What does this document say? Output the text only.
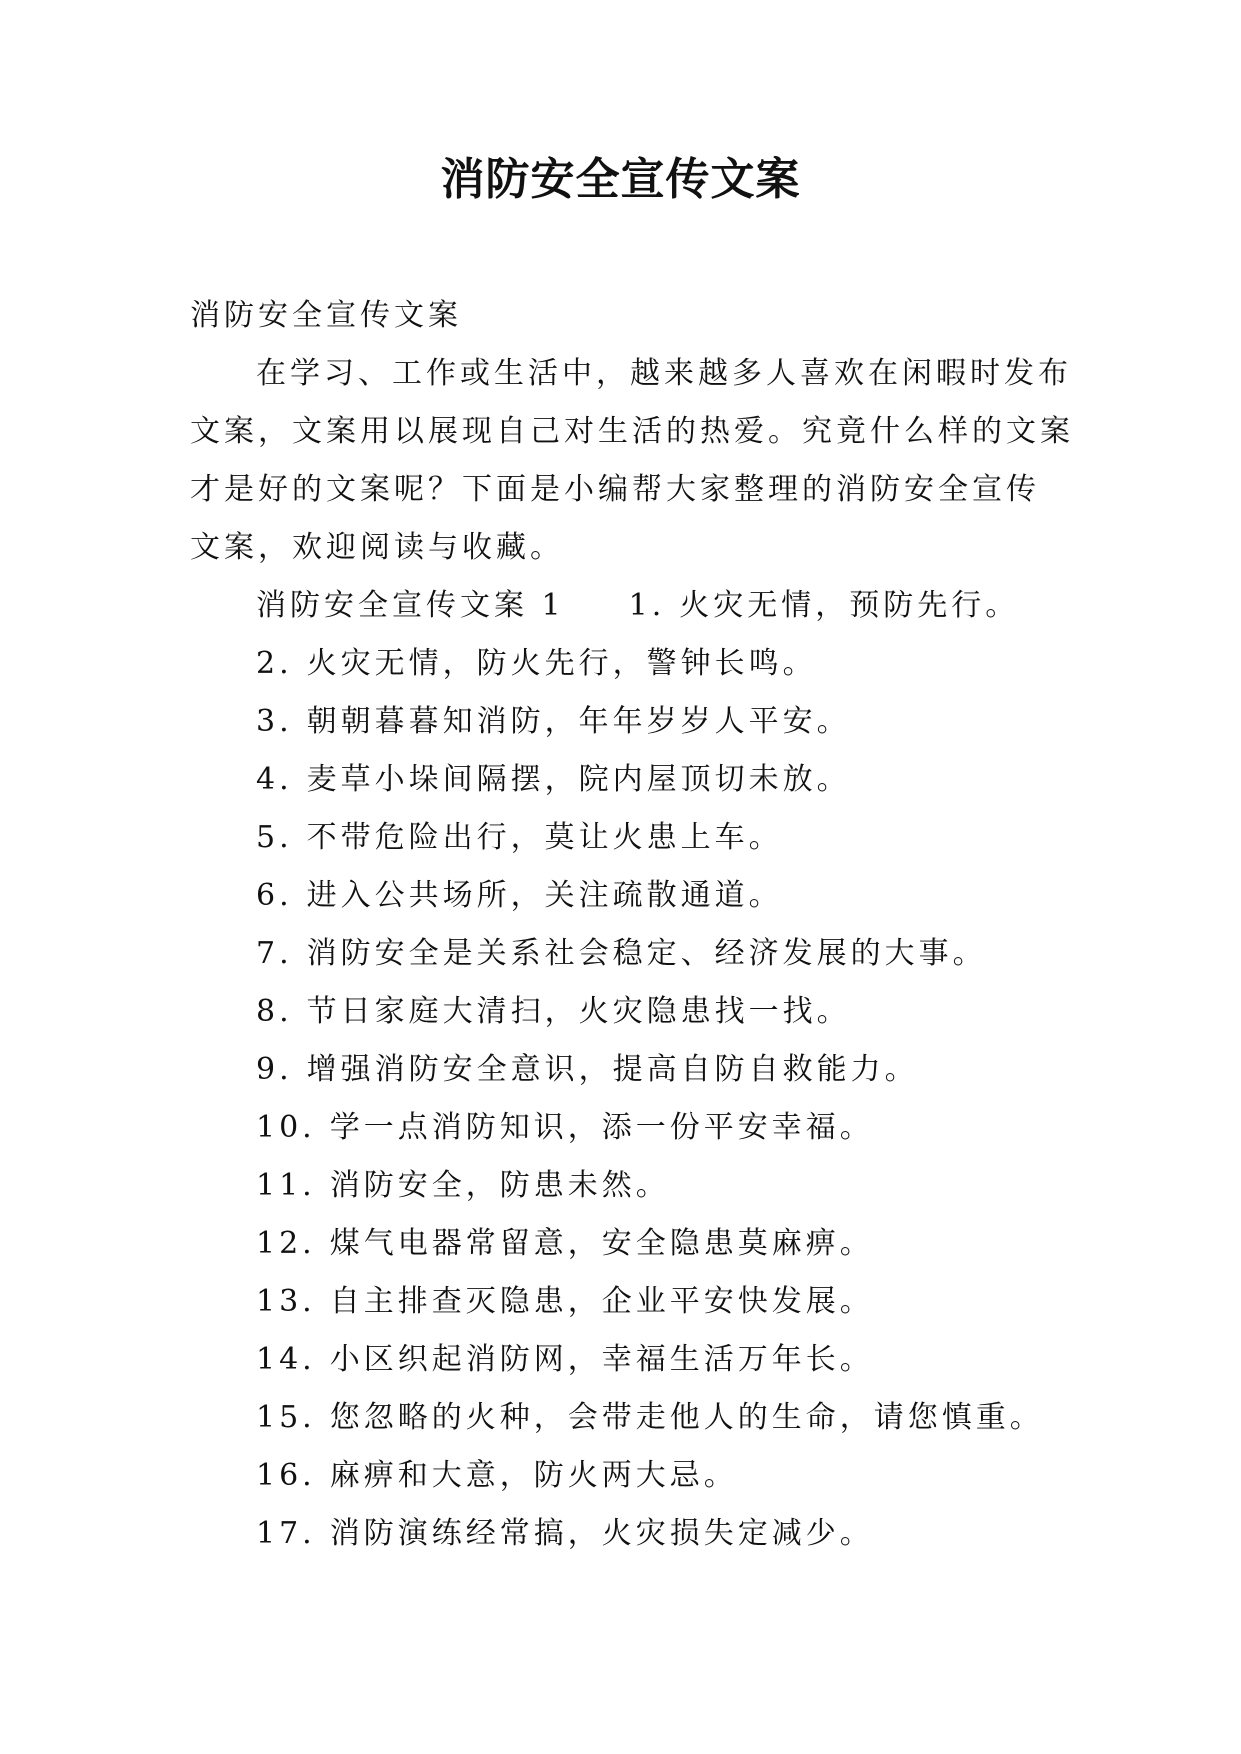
消防安全宣传文案

消防安全宣传文案

在学习、工作或生活中，越来越多人喜欢在闲暇时发布

文案，文案用以展现自己对生活的热爱。究竟什么样的文案

才是好的文案呢？下面是小编帮大家整理的消防安全宣传

文案，欢迎阅读与收藏。

消防安全宣传文案 1 1. 火灾无情，预防先行。

2. 火灾无情，防火先行，警钟长鸣。

3. 朝朝暮暮知消防，年年岁岁人平安。

4. 麦草小垛间隔摆，院内屋顶切未放。

5. 不带危险出行，莫让火患上车。

6. 进入公共场所，关注疏散通道。

7. 消防安全是关系社会稳定、经济发展的大事。

8. 节日家庭大清扫，火灾隐患找一找。

9. 增强消防安全意识，提高自防自救能力。

10. 学一点消防知识，添一份平安幸福。

11. 消防安全，防患未然。

12. 煤气电器常留意，安全隐患莫麻痹。

13. 自主排查灭隐患，企业平安快发展。

14. 小区织起消防网，幸福生活万年长。

15. 您忽略的火种，会带走他人的生命，请您慎重。

16. 麻痹和大意，防火两大忌。

17. 消防演练经常搞，火灾损失定减少。
